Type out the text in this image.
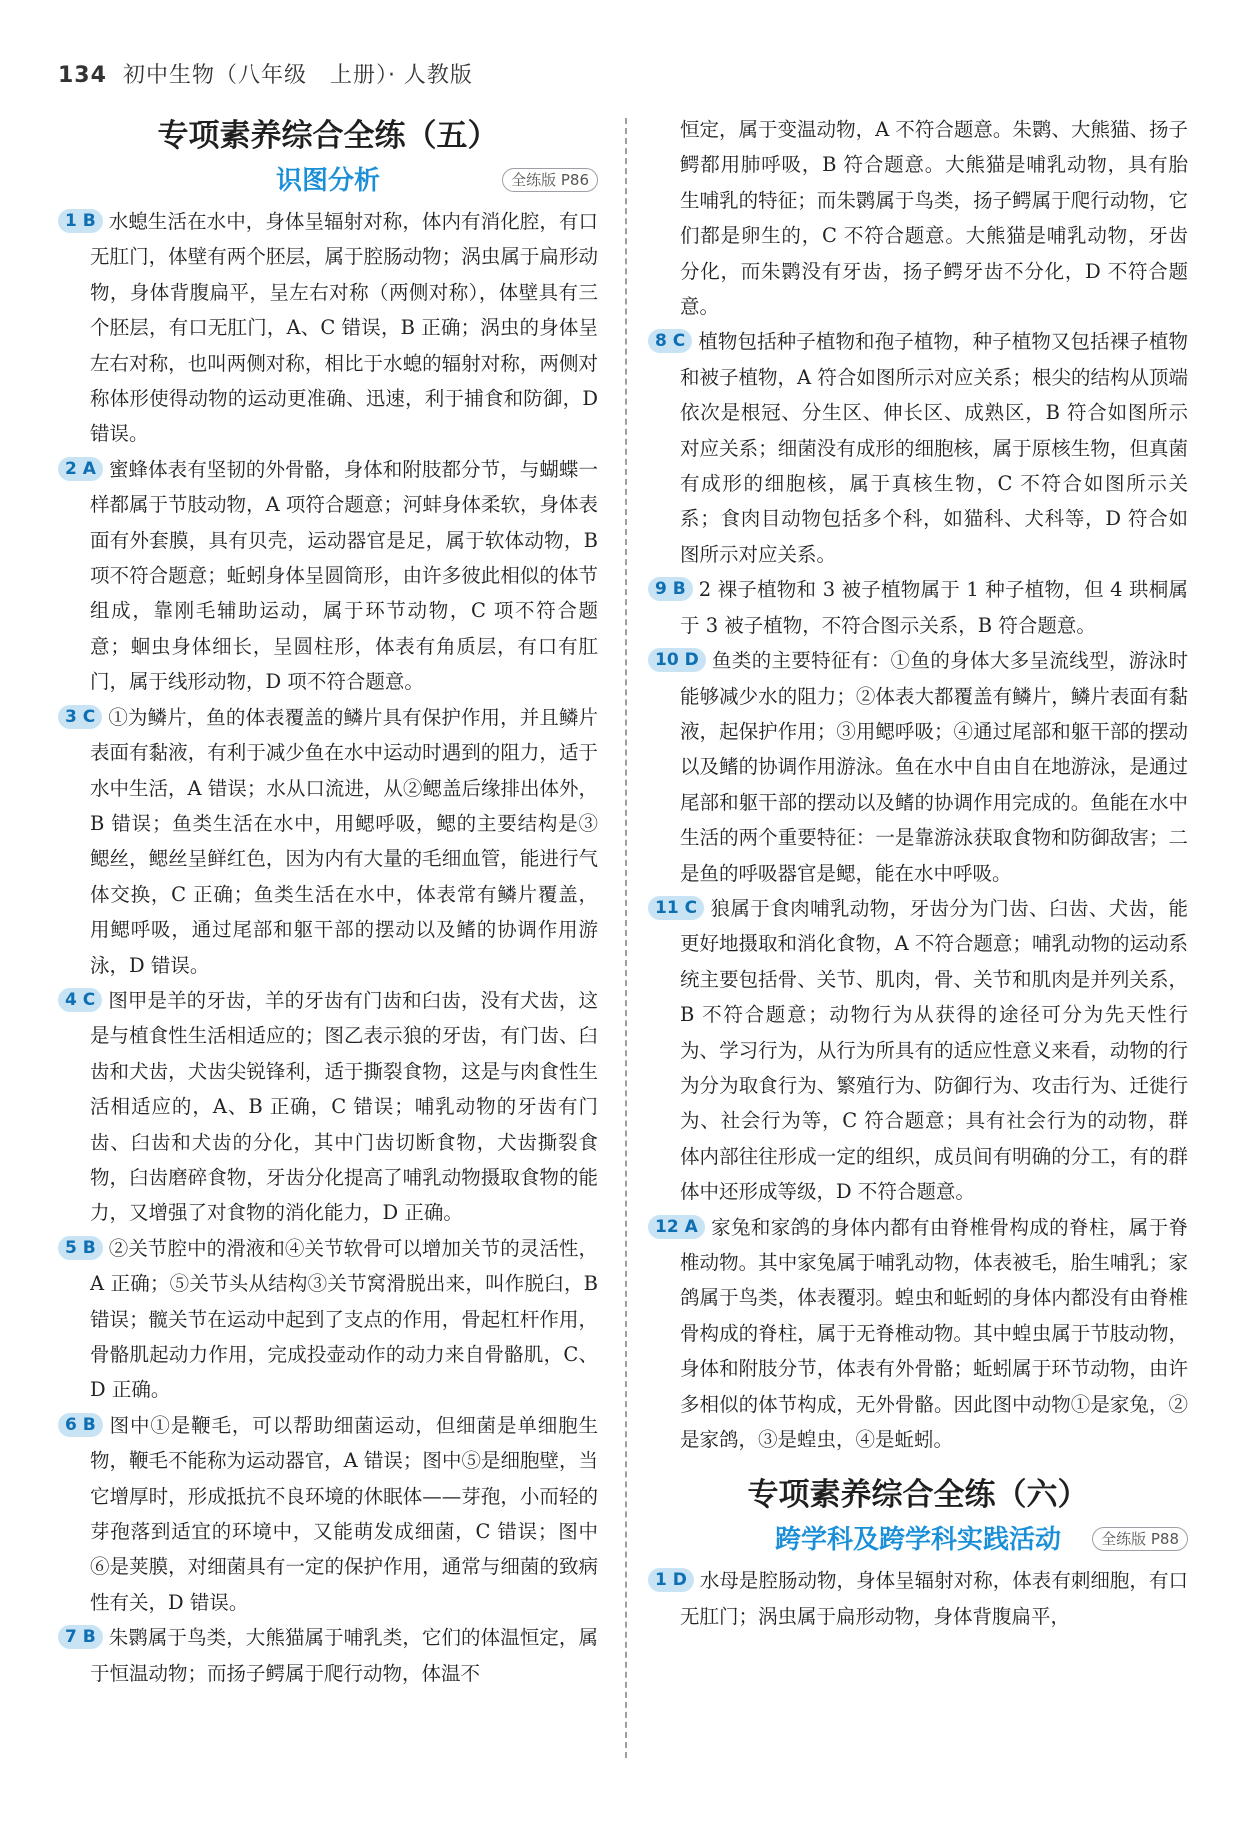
134 初中生物（八年级　上册）· 人教版
专项素养综合全练（五）
识图分析	全练版 P86

1 B 水螅生活在水中，身体呈辐射对称，体内有消化腔，有口无肛门，体壁有两个胚层，属于腔肠动物；涡虫属于扁形动物，身体背腹扁平，呈左右对称（两侧对称），体壁具有三个胚层，有口无肛门，A、C 错误，B 正确；涡虫的身体呈左右对称，也叫两侧对称，相比于水螅的辐射对称，两侧对称体形使得动物的运动更准确、迅速，利于捕食和防御，D 错误。

2 A 蜜蜂体表有坚韧的外骨骼，身体和附肢都分节，与蝴蝶一样都属于节肢动物，A 项符合题意；河蚌身体柔软，身体表面有外套膜，具有贝壳，运动器官是足，属于软体动物，B 项不符合题意；蚯蚓身体呈圆筒形，由许多彼此相似的体节组成，靠刚毛辅助运动，属于环节动物，C 项不符合题意；蛔虫身体细长，呈圆柱形，体表有角质层，有口有肛门，属于线形动物，D 项不符合题意。

3 C ①为鳞片，鱼的体表覆盖的鳞片具有保护作用，并且鳞片表面有黏液，有利于减少鱼在水中运动时遇到的阻力，适于水中生活，A 错误；水从口流进，从②鳃盖后缘排出体外，B 错误；鱼类生活在水中，用鳃呼吸，鳃的主要结构是③鳃丝，鳃丝呈鲜红色，因为内有大量的毛细血管，能进行气体交换，C 正确；鱼类生活在水中，体表常有鳞片覆盖，用鳃呼吸，通过尾部和躯干部的摆动以及鳍的协调作用游泳，D 错误。

4 C 图甲是羊的牙齿，羊的牙齿有门齿和臼齿，没有犬齿，这是与植食性生活相适应的；图乙表示狼的牙齿，有门齿、臼齿和犬齿，犬齿尖锐锋利，适于撕裂食物，这是与肉食性生活相适应的，A、B 正确，C 错误；哺乳动物的牙齿有门齿、臼齿和犬齿的分化，其中门齿切断食物，犬齿撕裂食物，臼齿磨碎食物，牙齿分化提高了哺乳动物摄取食物的能力，又增强了对食物的消化能力，D 正确。

5 B ②关节腔中的滑液和④关节软骨可以增加关节的灵活性，A 正确；⑤关节头从结构③关节窝滑脱出来，叫作脱臼，B 错误；髋关节在运动中起到了支点的作用，骨起杠杆作用，骨骼肌起动力作用，完成投壶动作的动力来自骨骼肌，C、D 正确。

6 B 图中①是鞭毛，可以帮助细菌运动，但细菌是单细胞生物，鞭毛不能称为运动器官，A 错误；图中⑤是细胞壁，当它增厚时，形成抵抗不良环境的休眠体——芽孢，小而轻的芽孢落到适宜的环境中，又能萌发成细菌，C 错误；图中⑥是荚膜，对细菌具有一定的保护作用，通常与细菌的致病性有关，D 错误。

7 B 朱鹮属于鸟类，大熊猫属于哺乳类，它们的体温恒定，属于恒温动物；而扬子鳄属于爬行动物，体温不

恒定，属于变温动物，A 不符合题意。朱鹮、大熊猫、扬子鳄都用肺呼吸，B 符合题意。大熊猫是哺乳动物，具有胎生哺乳的特征；而朱鹮属于鸟类，扬子鳄属于爬行动物，它们都是卵生的，C 不符合题意。大熊猫是哺乳动物，牙齿分化，而朱鹮没有牙齿，扬子鳄牙齿不分化，D 不符合题意。

8 C 植物包括种子植物和孢子植物，种子植物又包括裸子植物和被子植物，A 符合如图所示对应关系；根尖的结构从顶端依次是根冠、分生区、伸长区、成熟区，B 符合如图所示对应关系；细菌没有成形的细胞核，属于原核生物，但真菌有成形的细胞核，属于真核生物，C 不符合如图所示关系；食肉目动物包括多个科，如猫科、犬科等，D 符合如图所示对应关系。

9 B 2 裸子植物和 3 被子植物属于 1 种子植物，但 4 珙桐属于 3 被子植物，不符合图示关系，B 符合题意。

10 D 鱼类的主要特征有：①鱼的身体大多呈流线型，游泳时能够减少水的阻力；②体表大都覆盖有鳞片，鳞片表面有黏液，起保护作用；③用鳃呼吸；④通过尾部和躯干部的摆动以及鳍的协调作用游泳。鱼在水中自由自在地游泳，是通过尾部和躯干部的摆动以及鳍的协调作用完成的。鱼能在水中生活的两个重要特征：一是靠游泳获取食物和防御敌害；二是鱼的呼吸器官是鳃，能在水中呼吸。

11 C 狼属于食肉哺乳动物，牙齿分为门齿、臼齿、犬齿，能更好地摄取和消化食物，A 不符合题意；哺乳动物的运动系统主要包括骨、关节、肌肉，骨、关节和肌肉是并列关系，B 不符合题意；动物行为从获得的途径可分为先天性行为、学习行为，从行为所具有的适应性意义来看，动物的行为分为取食行为、繁殖行为、防御行为、攻击行为、迁徙行为、社会行为等，C 符合题意；具有社会行为的动物，群体内部往往形成一定的组织，成员间有明确的分工，有的群体中还形成等级，D 不符合题意。

12 A 家兔和家鸽的身体内都有由脊椎骨构成的脊柱，属于脊椎动物。其中家兔属于哺乳动物，体表被毛，胎生哺乳；家鸽属于鸟类，体表覆羽。蝗虫和蚯蚓的身体内都没有由脊椎骨构成的脊柱，属于无脊椎动物。其中蝗虫属于节肢动物，身体和附肢分节，体表有外骨骼；蚯蚓属于环节动物，由许多相似的体节构成，无外骨骼。因此图中动物①是家兔，②是家鸽，③是蝗虫，④是蚯蚓。

专项素养综合全练（六）
跨学科及跨学科实践活动	全练版 P88

1 D 水母是腔肠动物，身体呈辐射对称，体表有刺细胞，有口无肛门；涡虫属于扁形动物，身体背腹扁平，
